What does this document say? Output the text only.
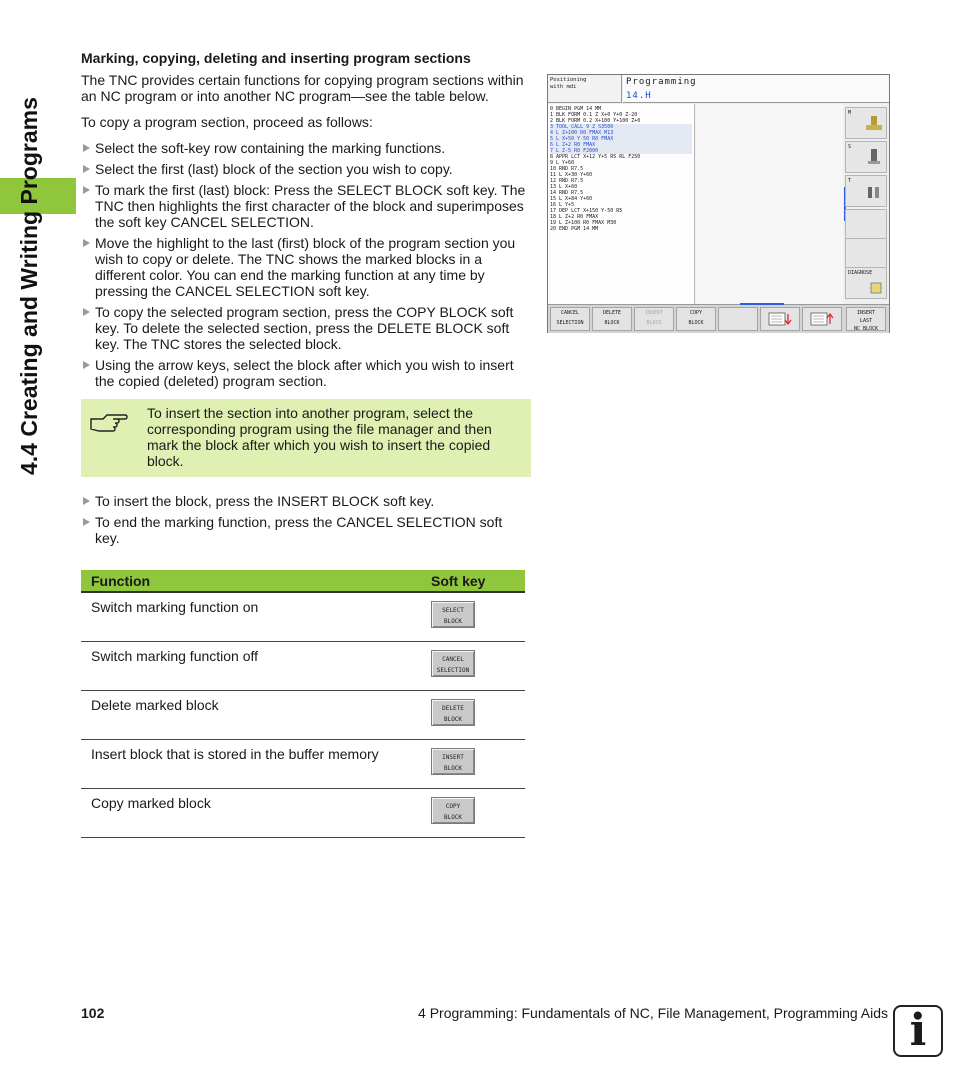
4.4 Creating and Writing Programs
Marking, copying, deleting and inserting program sections

The TNC provides certain functions for copying program sections within an NC program or into another NC program—see the table below.

To copy a program section, proceed as follows:

Select the soft-key row containing the marking functions.
Select the first (last) block of the section you wish to copy.
To mark the first (last) block: Press the SELECT BLOCK soft key. The TNC then highlights the first character of the block and superimposes the soft key CANCEL SELECTION.
Move the highlight to the last (first) block of the program section you wish to copy or delete. The TNC shows the marked blocks in a different color. You can end the marking function at any time by pressing the CANCEL SELECTION soft key.
To copy the selected program section, press the COPY BLOCK soft key. To delete the selected section, press the DELETE BLOCK soft key. The TNC stores the selected block.
Using the arrow keys, select the block after which you wish to insert the copied (deleted) program section.
To insert the section into another program, select the corresponding program using the file manager and then mark the block after which you wish to insert the copied block.
To insert the block, press the INSERT BLOCK soft key.
To end the marking function, press the CANCEL SELECTION soft key.
Function	Soft key
Switch marking function on	SELECT
BLOCK

Switch marking function off	CANCEL
SELECTION

Delete marked block	DELETE
BLOCK

Insert block that is stored in the buffer memory	INSERT
BLOCK

Copy marked block	COPY
BLOCK
Positioning
with mdi	Programming
14.H
0 BEGIN PGM 14 MM
1 BLK FORM 0.1 Z X+0 Y+0 Z-20
2 BLK FORM 0.2 X+100 Y+100 Z+0
3 TOOL CALL 9 Z S3500
4 L Z+100 R0 FMAX M13
5 L X+50 Y-50 R0 FMAX
6 L Z+2 R0 FMAX
7 L Z-5 R0 F2000
8 APPR LCT X+12 Y+5 R5 RL F250
9 L Y+60
10 RND R7.5
11 L X+30 Y+60
12 RND R7.5
13 L X+60
14 RND R7.5
15 L X+84 Y+60
16 L Y+5
17 DEP LCT X+150 Y-50 R5
18 L Z+2 R0 FMAX
19 L Z+100 R0 FMAX M30
20 END PGM 14 MM
M
S
T
DIAGNOSE
CANCEL
SELECTION
DELETE
BLOCK
INSERT
BLOCK
COPY
BLOCK
INSERT
LAST
NC BLOCK
102	4 Programming: Fundamentals of NC, File Management, Programming Aids i
